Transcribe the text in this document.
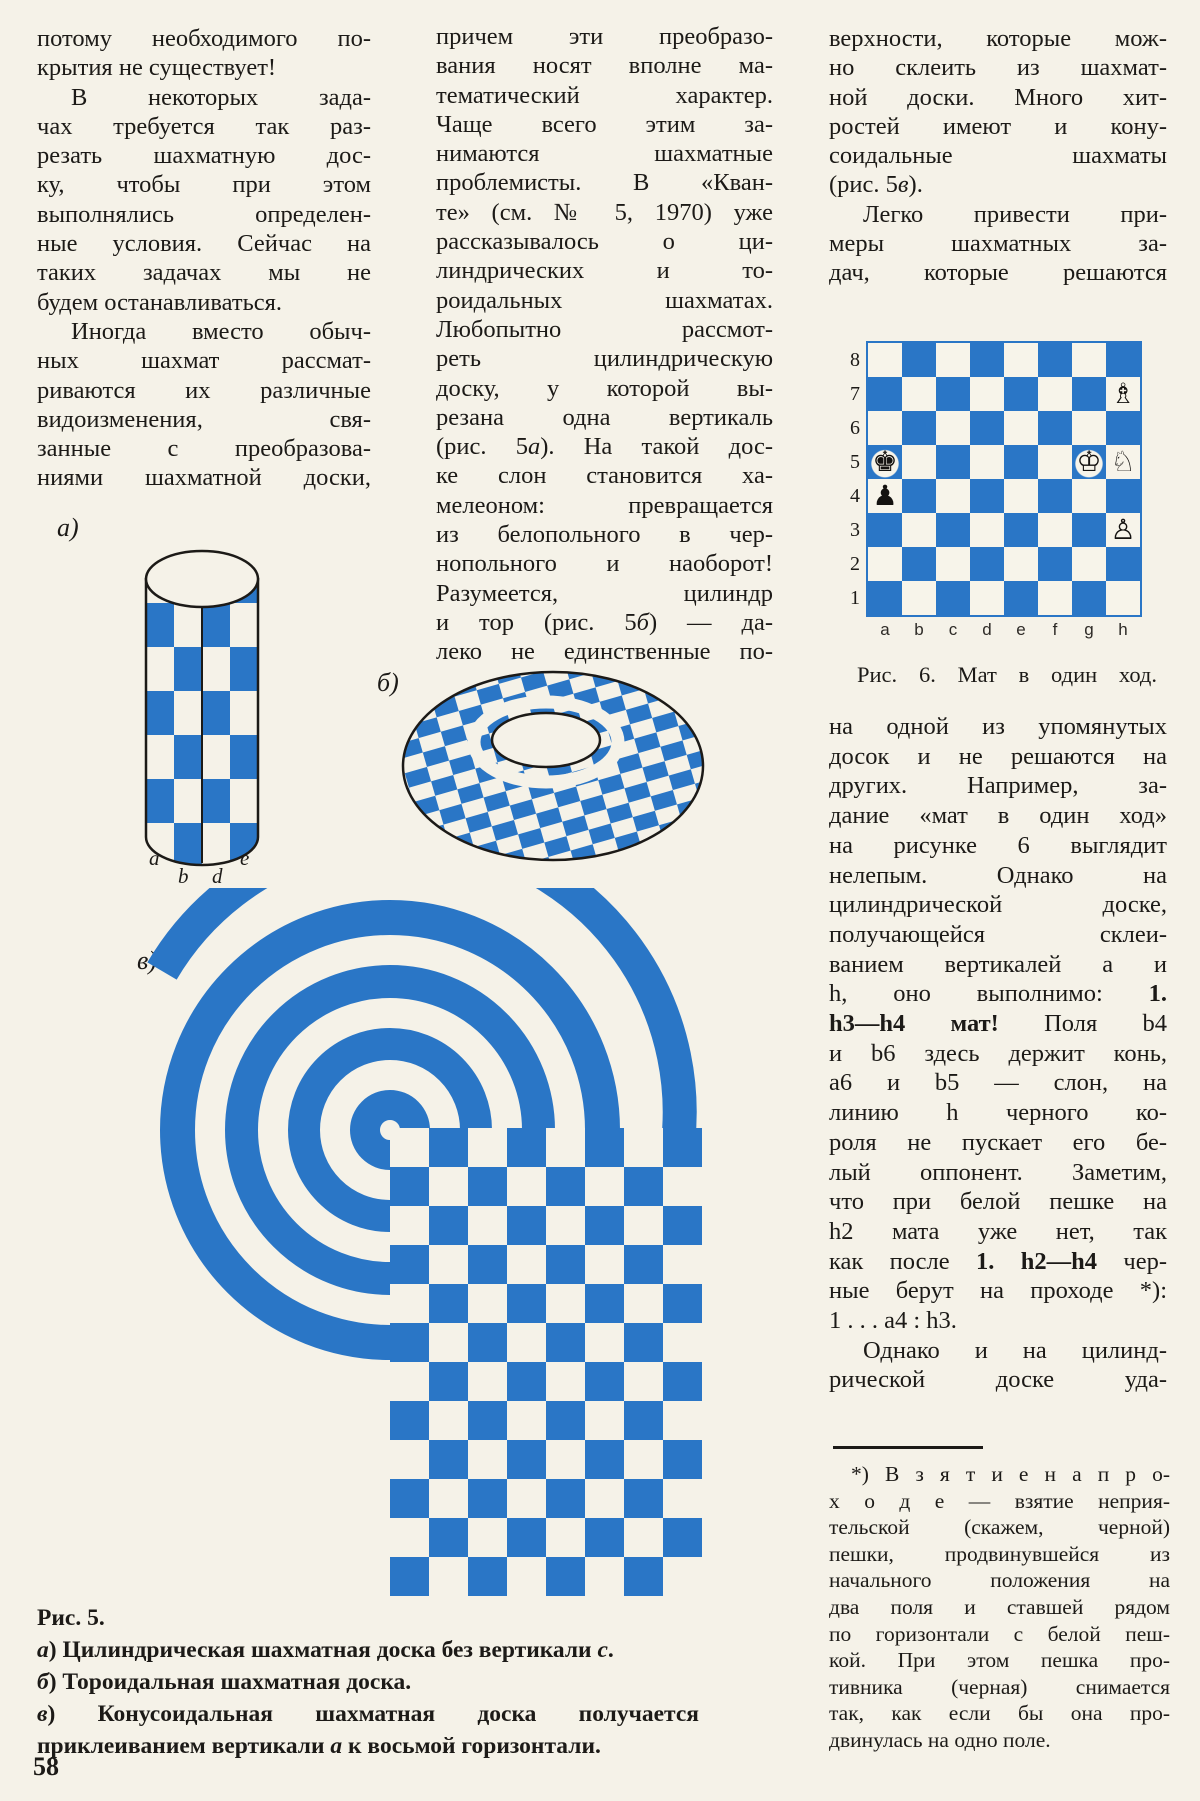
потому необходимого по-
крытия не существует!
В некоторых зада-
чах требуется так раз-
резать шахматную дос-
ку, чтобы при этом
выполнялись определен-
ные условия. Сейчас на
таких задачах мы не
будем останавливаться.
Иногда вместо обыч-
ных шахмат рассмат-
риваются их различные
видоизменения, свя-
занные с преобразова-
ниями шахматной доски,
причем эти преобразо-
вания носят вполне ма-
тематический характер.
Чаще всего этим за-
нимаются шахматные
проблемисты. В «Кван-
те» (см. № 5, 1970) уже
рассказывалось о ци-
линдрических и то-
роидальных шахматах.
Любопытно рассмот-
реть цилиндрическую
доску, у которой вы-
резана одна вертикаль
(рис. 5а). На такой дос-
ке слон становится ха-
мелеоном: превращается
из белопольного в чер-
нопольного и наоборот!
Разумеется, цилиндр
и тор (рис. 5б) — да-
леко не единственные по-
верхности, которые мож-
но склеить из шахмат-
ной доски. Много хит-
ростей имеют и кону-
соидальные шахматы
(рис. 5в).
Легко привести при-
меры шахматных за-
дач, которые решаются
на одной из упомянутых
досок и не решаются на
других. Например, за-
дание «мат в один ход»
на рисунке 6 выглядит
нелепым. Однако на
цилиндрической доске,
получающейся склеи-
ванием вертикалей a и
h, оно выполнимо: 1.
h3—h4 мат! Поля b4
и b6 здесь держит конь,
а6 и b5 — слон, на
линию h черного ко-
роля не пускает его бе-
лый оппонент. Заметим,
что при белой пешке на
h2 мата уже нет, так
как после 1. h2—h4 чер-
ные берут на проходе *):
1 . . . a4 : h3.
Однако и на цилинд-
рической доске уда-
*) В з я т и е н а п р о-
х о д е — взятие неприя-
тельской (скажем, черной)
пешки, продвинувшейся из
начального положения на
два поля и ставшей рядом
по горизонтали с белой пеш-
кой. При этом пешка про-
тивника (черная) снимается
так, как если бы она про-
двинулась на одно поле.
а)
б)
в)
a
b d
e
8
7
6
5
4
3
2
1
♗
♚	♔ ♘
♟
♙
a b c d e f g h
Рис. 6. Мат в один ход.
Рис. 5.
а) Цилиндрическая шахматная доска без вертикали с.
б) Тороидальная шахматная доска.
в) Конусоидальная шахматная доска получается
приклеиванием вертикали а к восьмой горизонтали.
58
